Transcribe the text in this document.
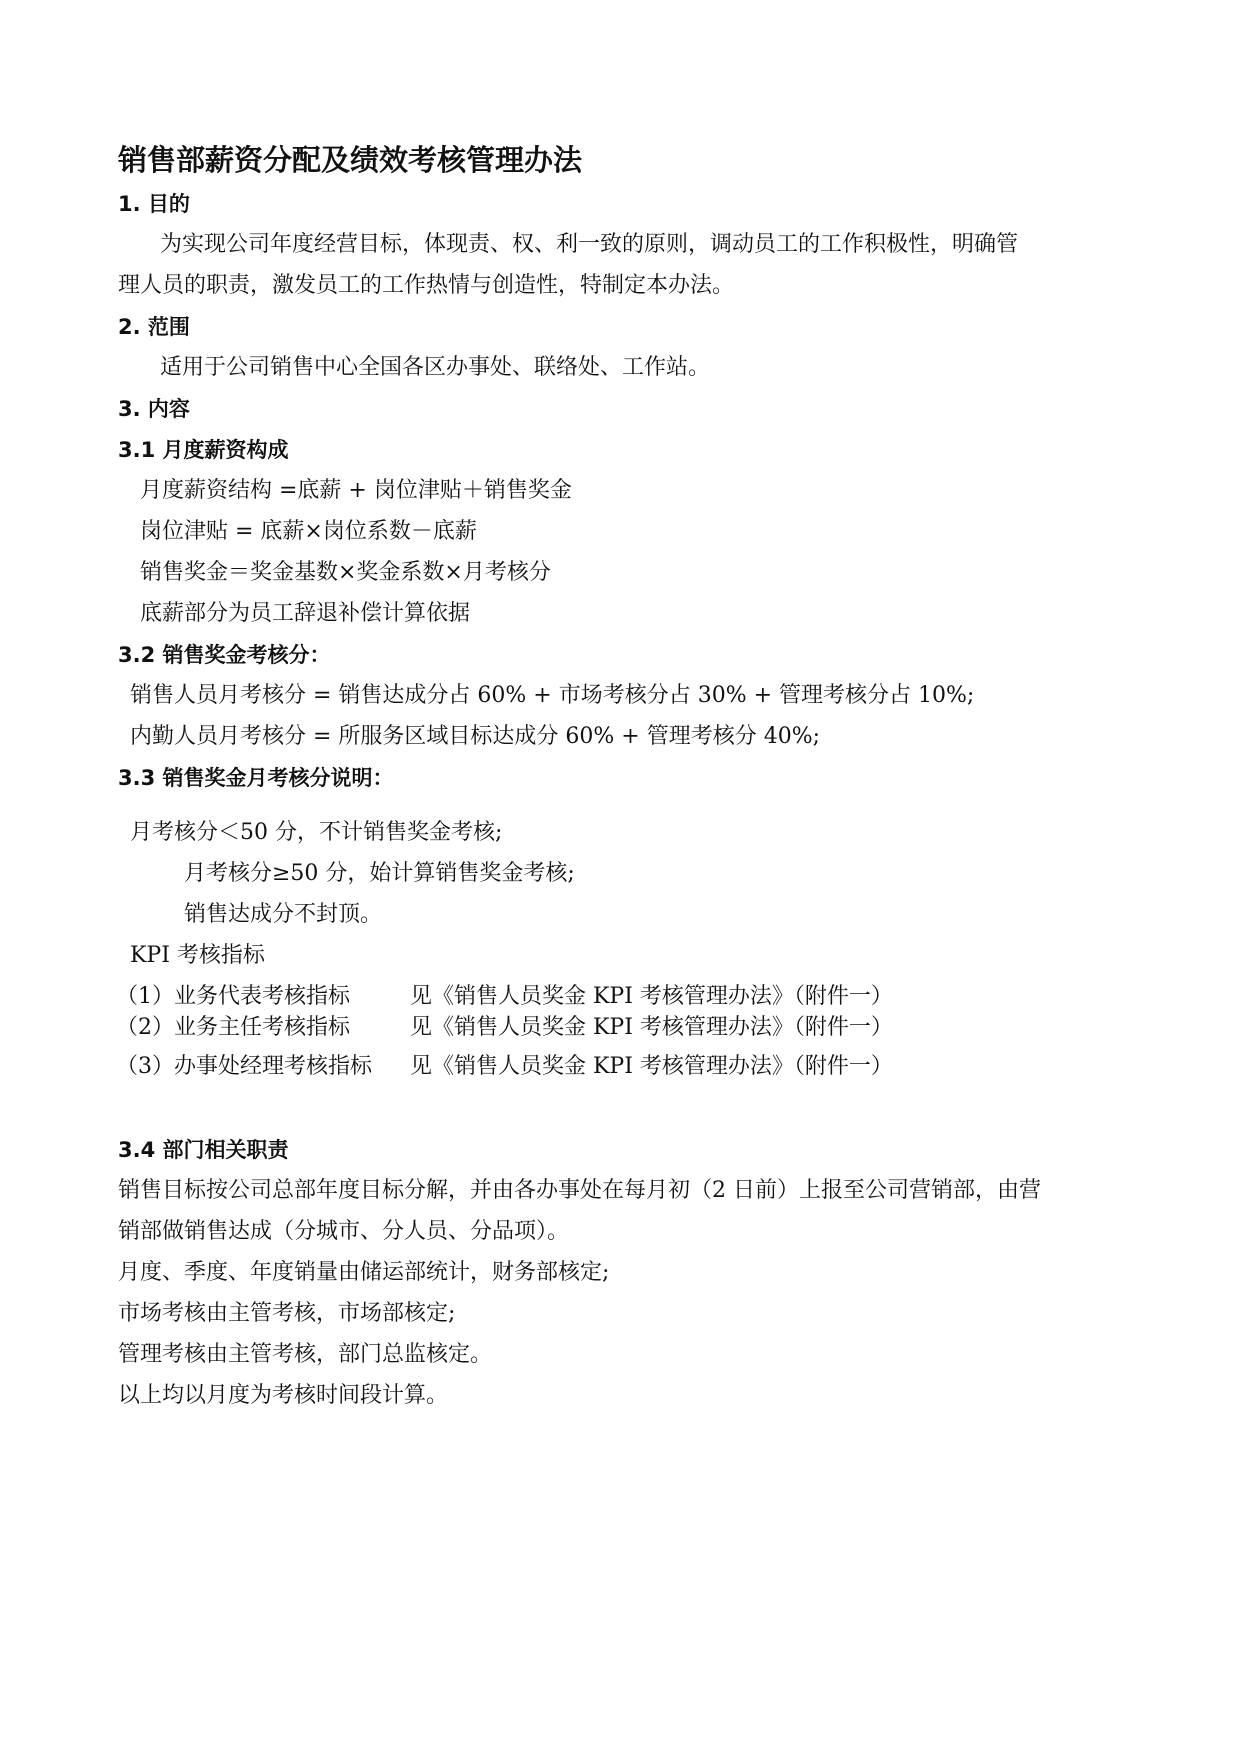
销售部薪资分配及绩效考核管理办法
1. 目的

为实现公司年度经营目标，体现责、权、利一致的原则，调动员工的工作积极性，明确管

理人员的职责，激发员工的工作热情与创造性，特制定本办法。

2. 范围

适用于公司销售中心全国各区办事处、联络处、工作站。

3. 内容
3.1 月度薪资构成

月度薪资结构 =底薪 + 岗位津贴＋销售奖金

岗位津贴 = 底薪×岗位系数－底薪

销售奖金＝奖金基数×奖金系数×月考核分

底薪部分为员工辞退补偿计算依据

3.2 销售奖金考核分：

销售人员月考核分 = 销售达成分占 60% + 市场考核分占 30% + 管理考核分占 10%;

内勤人员月考核分 = 所服务区域目标达成分 60% + 管理考核分 40%;

3.3 销售奖金月考核分说明：

月考核分＜50 分，不计销售奖金考核;

月考核分≥50 分，始计算销售奖金考核;

销售达成分不封顶。

KPI 考核指标

（1）业务代表考核指标	见《销售人员奖金 KPI 考核管理办法》（附件一）
（2）业务主任考核指标	见《销售人员奖金 KPI 考核管理办法》（附件一）
（3）办事处经理考核指标 见《销售人员奖金 KPI 考核管理办法》（附件一）
3.4 部门相关职责

销售目标按公司总部年度目标分解，并由各办事处在每月初（2 日前）上报至公司营销部，由营

销部做销售达成（分城市、分人员、分品项）。

月度、季度、年度销量由储运部统计，财务部核定;

市场考核由主管考核，市场部核定;

管理考核由主管考核，部门总监核定。

以上均以月度为考核时间段计算。
